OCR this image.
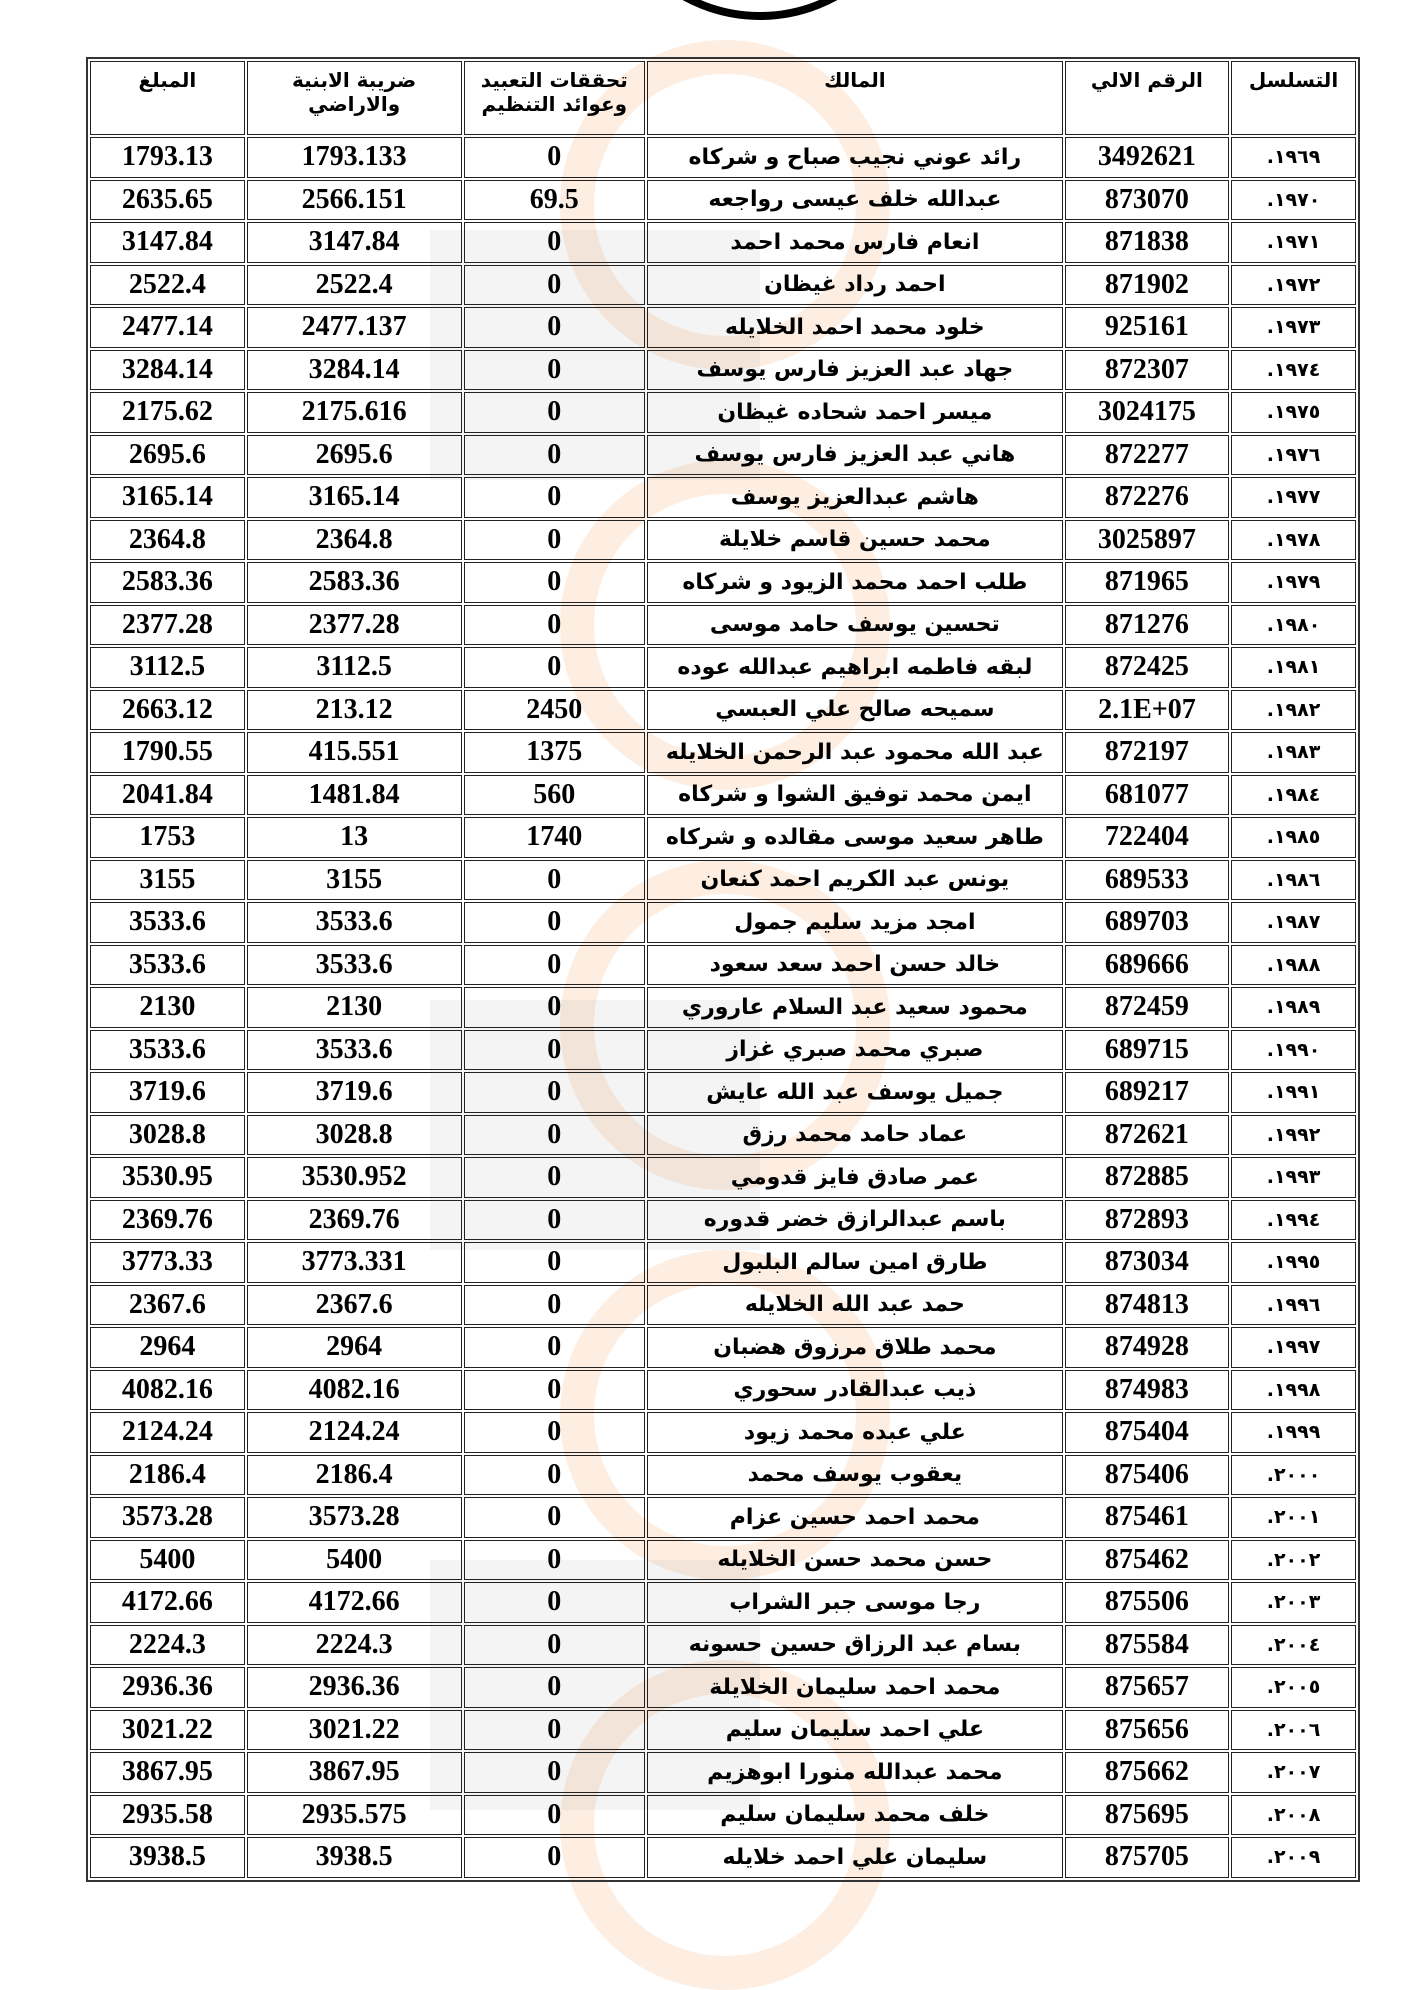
التسلسل	الرقم الالي	المالك	تحققات التعبيد وعوائد التنظيم	ضريبة الابنية والاراضي	المبلغ
١٩٦٩.	3492621	رائد عوني نجيب صباح و شركاه	0	1793.133	1793.13
١٩٧٠.	873070	عبدالله خلف عيسى رواجعه	69.5	2566.151	2635.65
١٩٧١.	871838	انعام فارس محمد احمد	0	3147.84	3147.84
١٩٧٢.	871902	احمد رداد غيظان	0	2522.4	2522.4
١٩٧٣.	925161	خلود محمد احمد الخلايله	0	2477.137	2477.14
١٩٧٤.	872307	جهاد عبد العزيز فارس يوسف	0	3284.14	3284.14
١٩٧٥.	3024175	ميسر احمد شحاده غيظان	0	2175.616	2175.62
١٩٧٦.	872277	هاني عبد العزيز فارس يوسف	0	2695.6	2695.6
١٩٧٧.	872276	هاشم عبدالعزيز يوسف	0	3165.14	3165.14
١٩٧٨.	3025897	محمد حسين قاسم خلايلة	0	2364.8	2364.8
١٩٧٩.	871965	طلب احمد محمد الزيود و شركاه	0	2583.36	2583.36
١٩٨٠.	871276	تحسين يوسف حامد موسى	0	2377.28	2377.28
١٩٨١.	872425	لبقه فاطمه ابراهيم عبدالله عوده	0	3112.5	3112.5
١٩٨٢.	2.1E+07	سميحه صالح علي العبسي	2450	213.12	2663.12
١٩٨٣.	872197	عبد الله محمود عبد الرحمن الخلايله	1375	415.551	1790.55
١٩٨٤.	681077	ايمن محمد توفيق الشوا و شركاه	560	1481.84	2041.84
١٩٨٥.	722404	طاهر سعيد موسى مقالده و شركاه	1740	13	1753
١٩٨٦.	689533	يونس عبد الكريم احمد كنعان	0	3155	3155
١٩٨٧.	689703	امجد مزيد سليم جمول	0	3533.6	3533.6
١٩٨٨.	689666	خالد حسن احمد سعد سعود	0	3533.6	3533.6
١٩٨٩.	872459	محمود سعيد عبد السلام عاروري	0	2130	2130
١٩٩٠.	689715	صبري محمد صبري غزاز	0	3533.6	3533.6
١٩٩١.	689217	جميل يوسف عبد الله عايش	0	3719.6	3719.6
١٩٩٢.	872621	عماد حامد محمد رزق	0	3028.8	3028.8
١٩٩٣.	872885	عمر صادق فايز قدومي	0	3530.952	3530.95
١٩٩٤.	872893	باسم عبدالرازق خضر قدوره	0	2369.76	2369.76
١٩٩٥.	873034	طارق امين سالم البلبول	0	3773.331	3773.33
١٩٩٦.	874813	حمد عبد الله الخلايله	0	2367.6	2367.6
١٩٩٧.	874928	محمد طلاق مرزوق هضبان	0	2964	2964
١٩٩٨.	874983	ذيب عبدالقادر سحوري	0	4082.16	4082.16
١٩٩٩.	875404	علي عبده محمد زيود	0	2124.24	2124.24
٢٠٠٠.	875406	يعقوب يوسف محمد	0	2186.4	2186.4
٢٠٠١.	875461	محمد احمد حسين عزام	0	3573.28	3573.28
٢٠٠٢.	875462	حسن محمد حسن الخلايله	0	5400	5400
٢٠٠٣.	875506	رجا موسى جبر الشراب	0	4172.66	4172.66
٢٠٠٤.	875584	بسام عبد الرزاق حسين حسونه	0	2224.3	2224.3
٢٠٠٥.	875657	محمد احمد سليمان الخلايلة	0	2936.36	2936.36
٢٠٠٦.	875656	علي احمد سليمان سليم	0	3021.22	3021.22
٢٠٠٧.	875662	محمد عبدالله منورا ابوهزيم	0	3867.95	3867.95
٢٠٠٨.	875695	خلف محمد سليمان سليم	0	2935.575	2935.58
٢٠٠٩.	875705	سليمان علي احمد خلايله	0	3938.5	3938.5
